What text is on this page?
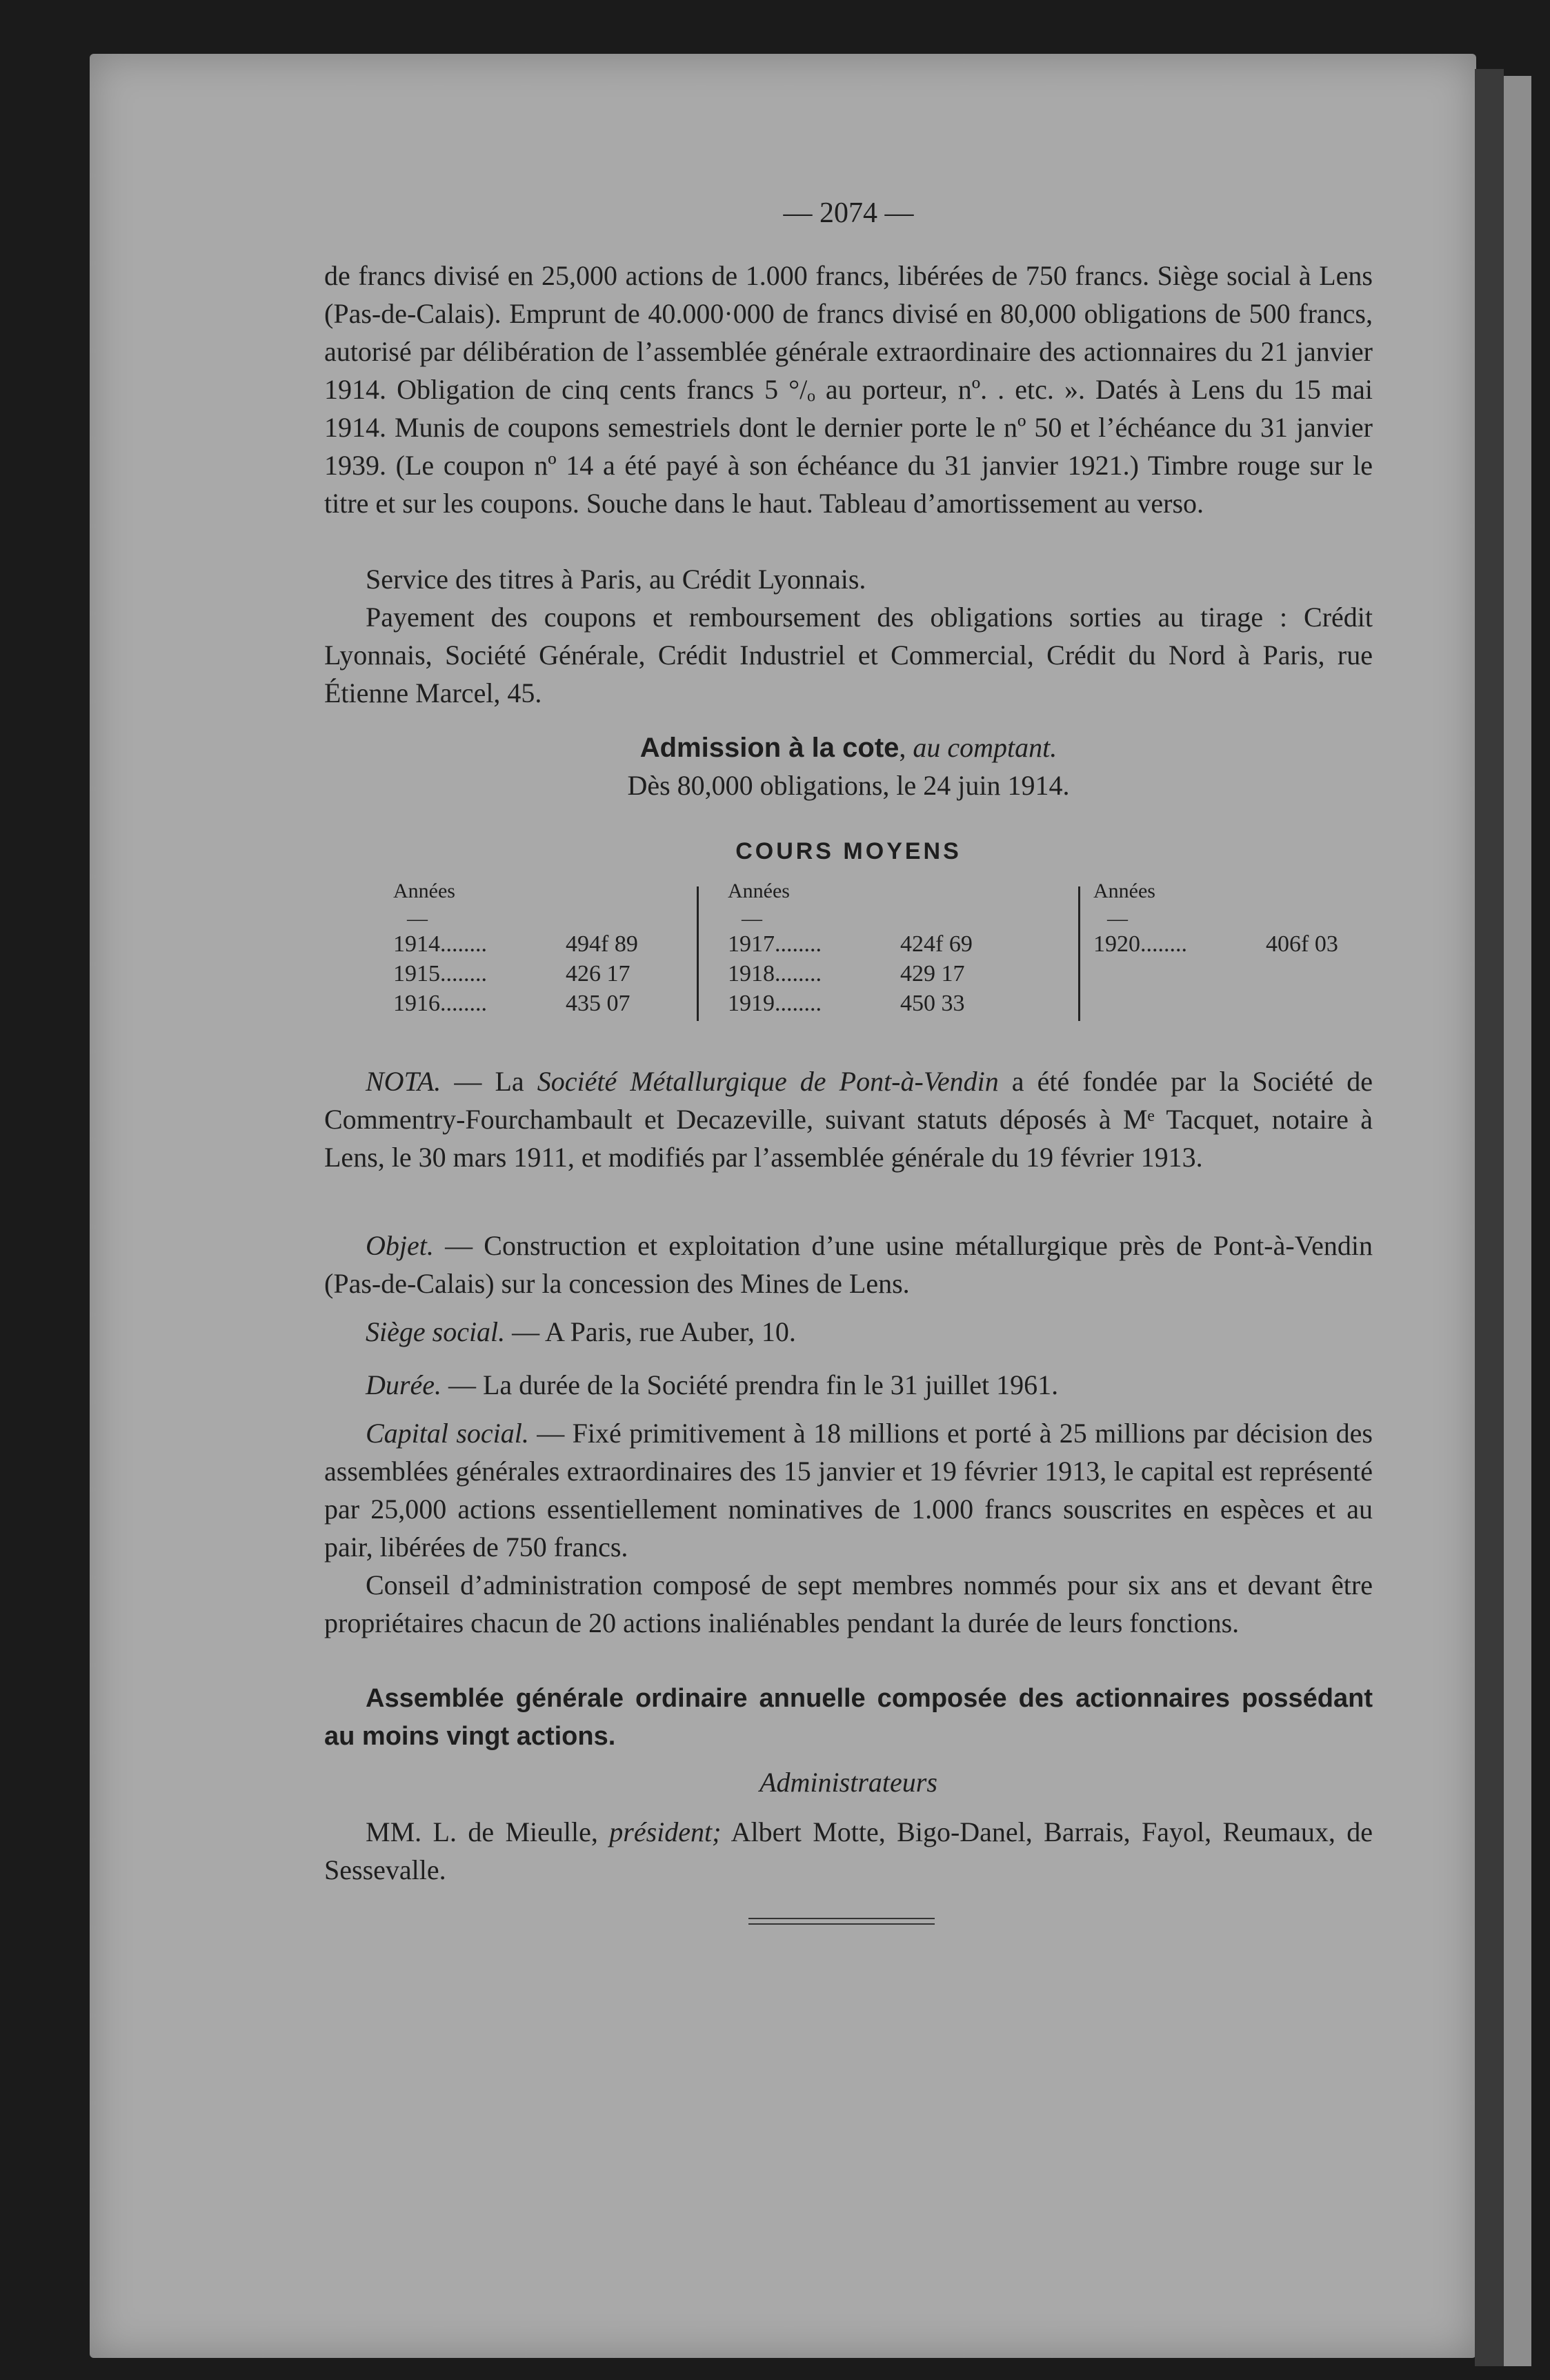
— 2074 —

de francs divisé en 25,000 actions de 1.000 francs, libérées de 750 francs. Siège social à Lens (Pas-de-Calais). Emprunt de 40.000·000 de francs divisé en 80,000 obligations de 500 francs, autorisé par délibération de l’assemblée générale extraordinaire des actionnaires du 21 janvier 1914. Obligation de cinq cents francs 5 °/ₒ au porteur, nº. . etc. ». Datés à Lens du 15 mai 1914. Munis de coupons semestriels dont le dernier porte le nº 50 et l’échéance du 31 janvier 1939. (Le coupon nº 14 a été payé à son échéance du 31 janvier 1921.) Timbre rouge sur le titre et sur les coupons. Souche dans le haut. Tableau d’amortissement au verso.

Service des titres à Paris, au Crédit Lyonnais.

Payement des coupons et remboursement des obligations sorties au tirage : Crédit Lyonnais, Société Générale, Crédit Industriel et Commercial, Crédit du Nord à Paris, rue Étienne Marcel, 45.

Admission à la cote, au comptant.
Dès 80,000 obligations, le 24 juin 1914.
COURS MOYENS
Années
—
1914........	494f 89
1915........	426 17
1916........	435 07
Années
—
1917........	424f 69
1918........	429 17
1919........	450 33
Années
—
1920........	406f 03

NOTA. — La Société Métallurgique de Pont-à-Vendin a été fondée par la Société de Commentry-Fourchambault et Decazeville, suivant statuts déposés à Mᵉ Tacquet, notaire à Lens, le 30 mars 1911, et modifiés par l’assemblée générale du 19 février 1913.

Objet. — Construction et exploitation d’une usine métallurgique près de Pont-à-Vendin (Pas-de-Calais) sur la concession des Mines de Lens.

Siège social. — A Paris, rue Auber, 10.

Durée. — La durée de la Société prendra fin le 31 juillet 1961.

Capital social. — Fixé primitivement à 18 millions et porté à 25 millions par décision des assemblées générales extraordinaires des 15 janvier et 19 février 1913, le capital est représenté par 25,000 actions essentiellement nominatives de 1.000 francs souscrites en espèces et au pair, libérées de 750 francs.

Conseil d’administration composé de sept membres nommés pour six ans et devant être propriétaires chacun de 20 actions inaliénables pendant la durée de leurs fonctions.

Assemblée générale ordinaire annuelle composée des actionnaires possédant au moins vingt actions.

Administrateurs

MM. L. de Mieulle, président; Albert Motte, Bigo-Danel, Barrais, Fayol, Reumaux, de Sessevalle.
